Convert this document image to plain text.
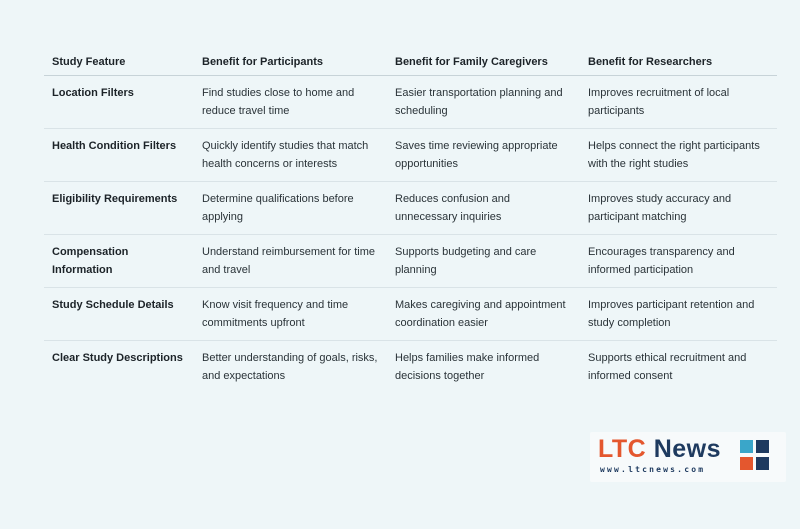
Study Feature	Benefit for Participants	Benefit for Family Caregivers	Benefit for Researchers
Location Filters	Find studies close to home and reduce travel time	Easier transportation planning and scheduling	Improves recruitment of local participants
Health Condition Filters	Quickly identify studies that match health concerns or interests	Saves time reviewing appropriate opportunities	Helps connect the right participants with the right studies
Eligibility Requirements	Determine qualifications before applying	Reduces confusion and unnecessary inquiries	Improves study accuracy and participant matching
Compensation Information	Understand reimbursement for time and travel	Supports budgeting and care planning	Encourages transparency and informed participation
Study Schedule Details	Know visit frequency and time commitments upfront	Makes caregiving and appointment coordination easier	Improves participant retention and study completion
Clear Study Descriptions	Better understanding of goals, risks, and expectations	Helps families make informed decisions together	Supports ethical recruitment and informed consent
LTC News
www.ltcnews.com
